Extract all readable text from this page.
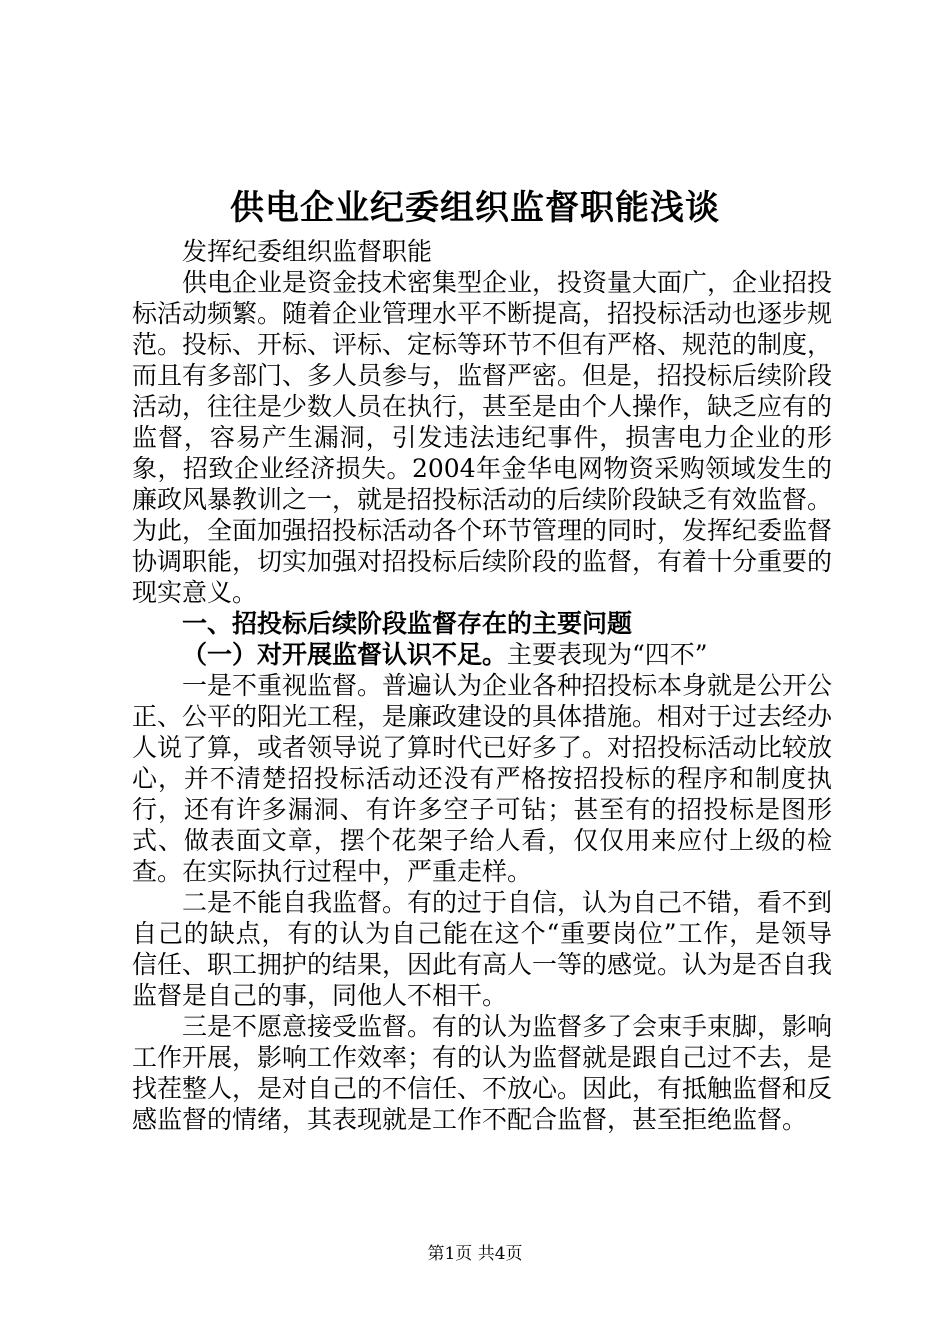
供电企业纪委组织监督职能浅谈

发挥纪委组织监督职能

供电企业是资金技术密集型企业，投资量大面广，企业招投标活动频繁。随着企业管理水平不断提高，招投标活动也逐步规范。投标、开标、评标、定标等环节不但有严格、规范的制度，而且有多部门、多人员参与，监督严密。但是，招投标后续阶段活动，往往是少数人员在执行，甚至是由个人操作，缺乏应有的监督，容易产生漏洞，引发违法违纪事件，损害电力企业的形象，招致企业经济损失。2004年金华电网物资采购领域发生的廉政风暴教训之一，就是招投标活动的后续阶段缺乏有效监督。为此，全面加强招投标活动各个环节管理的同时，发挥纪委监督协调职能，切实加强对招投标后续阶段的监督，有着十分重要的现实意义。

一、招投标后续阶段监督存在的主要问题

（一）对开展监督认识不足。主要表现为“四不”

一是不重视监督。普遍认为企业各种招投标本身就是公开公正、公平的阳光工程，是廉政建设的具体措施。相对于过去经办人说了算，或者领导说了算时代已好多了。对招投标活动比较放心，并不清楚招投标活动还没有严格按招投标的程序和制度执行，还有许多漏洞、有许多空子可钻；甚至有的招投标是图形式、做表面文章，摆个花架子给人看，仅仅用来应付上级的检查。在实际执行过程中，严重走样。

二是不能自我监督。有的过于自信，认为自己不错，看不到自己的缺点，有的认为自己能在这个“重要岗位”工作，是领导信任、职工拥护的结果，因此有高人一等的感觉。认为是否自我监督是自己的事，同他人不相干。

三是不愿意接受监督。有的认为监督多了会束手束脚，影响工作开展，影响工作效率；有的认为监督就是跟自己过不去，是找茬整人，是对自己的不信任、不放心。因此，有抵触监督和反感监督的情绪，其表现就是工作不配合监督，甚至拒绝监督。

第1页 共4页
